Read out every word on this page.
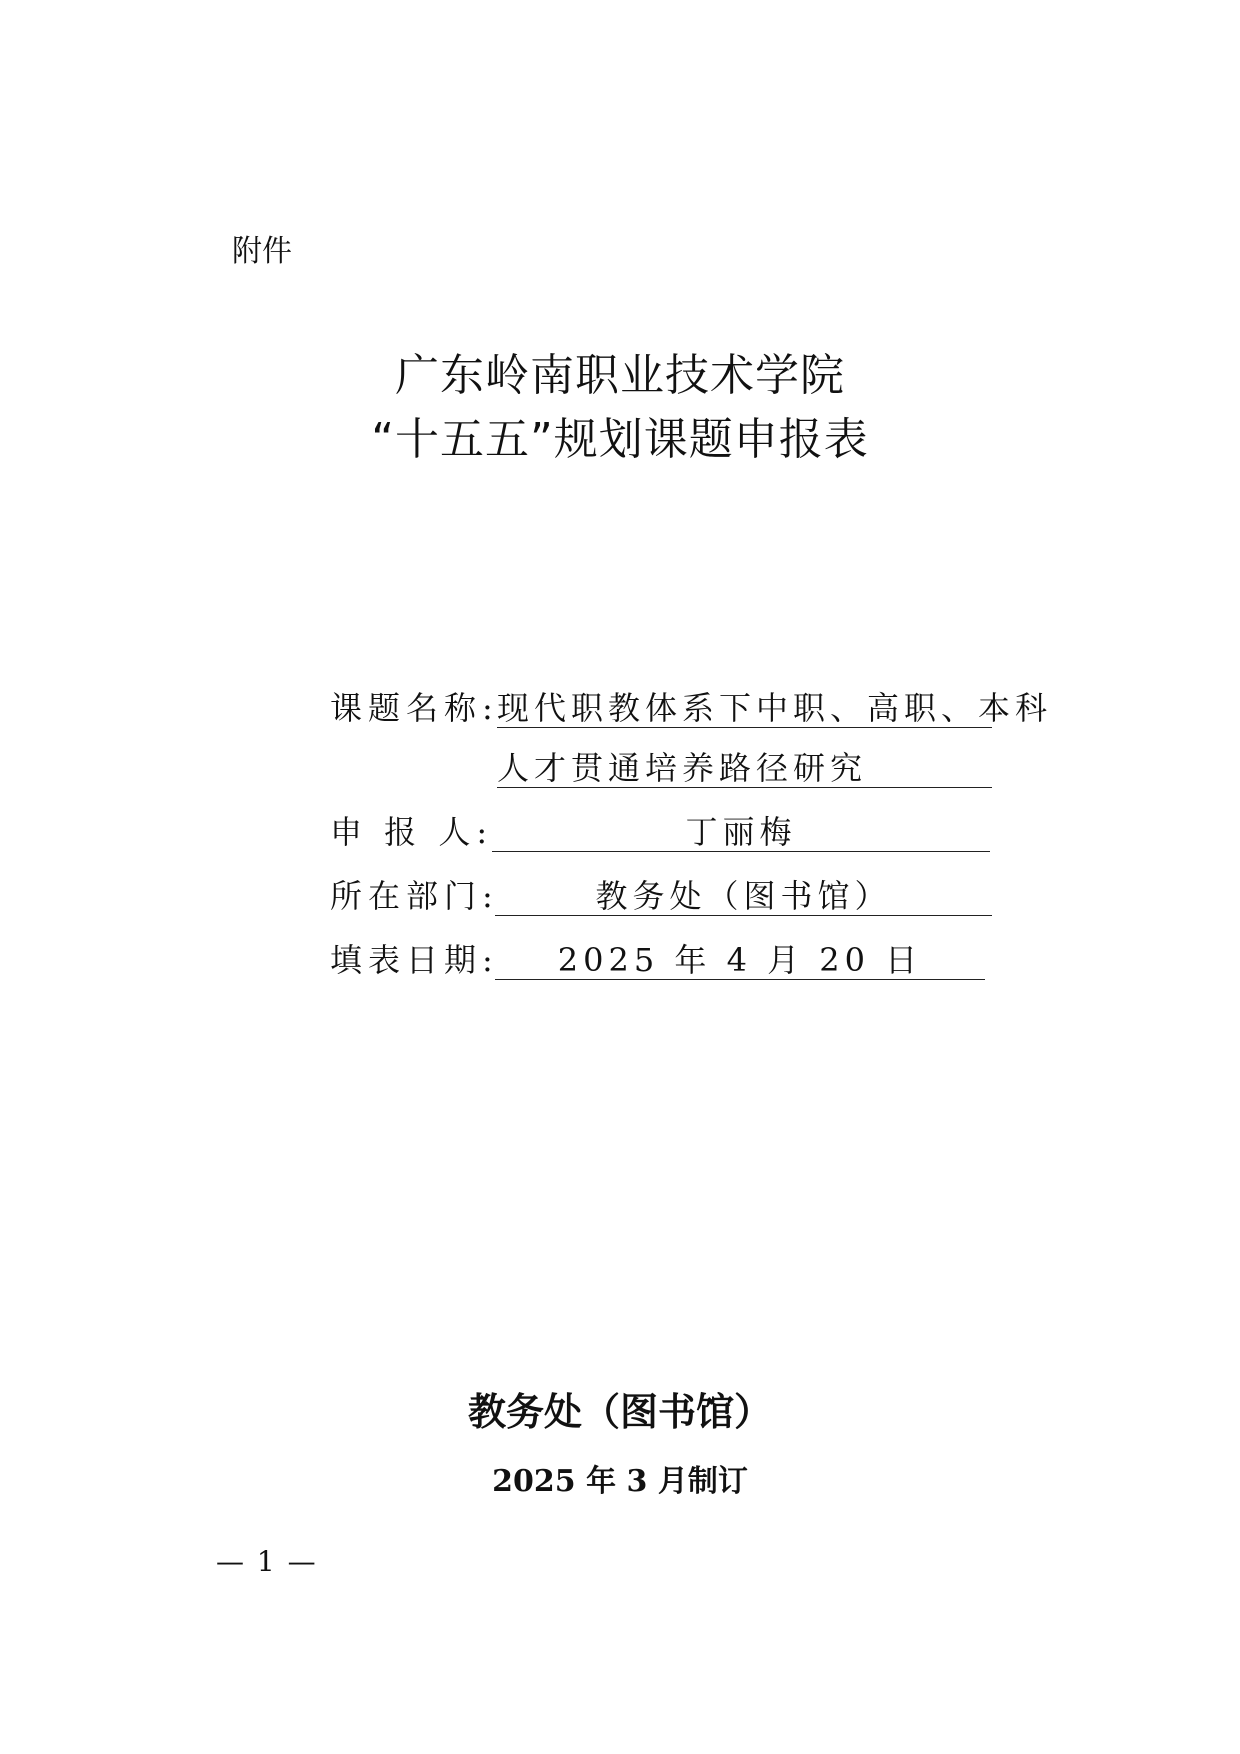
附件
广东岭南职业技术学院
“十五五”规划课题申报表
课题名称:
现代职教体系下中职、高职、本科
人才贯通培养路径研究
申 报 人:	丁丽梅
所在部门:	教务处（图书馆）
填表日期:	2025 年 4 月 20 日
教务处（图书馆）
2025 年 3 月制订
— 1 —
